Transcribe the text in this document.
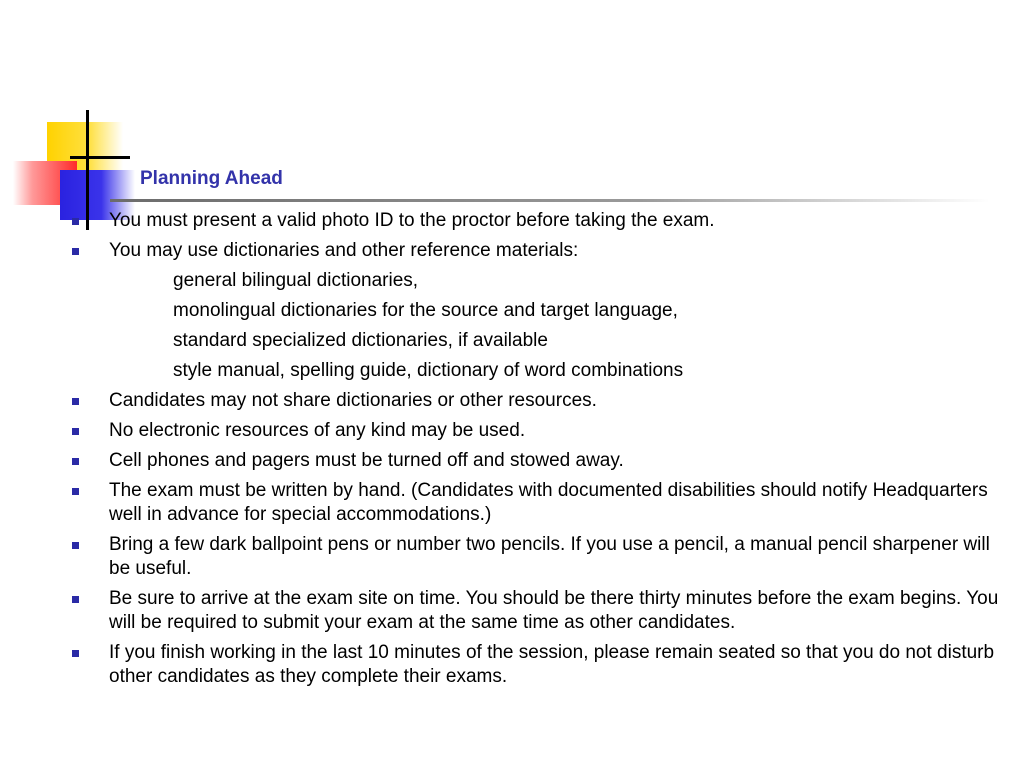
Planning Ahead
You must present a valid photo ID to the proctor before taking the exam.
You may use dictionaries and other reference materials:
general bilingual dictionaries,
monolingual dictionaries for the source and target language,
standard specialized dictionaries, if available
style manual, spelling guide, dictionary of word combinations
Candidates may not share dictionaries or other resources.
No electronic resources of any kind may be used.
Cell phones and pagers must be turned off and stowed away.
The exam must be written by hand. (Candidates with documented disabilities should notify Headquarters well in advance for special accommodations.)
Bring a few dark ballpoint pens or number two pencils. If you use a pencil, a manual pencil sharpener will be useful.
Be sure to arrive at the exam site on time. You should be there thirty minutes before the exam begins. You will be required to submit your exam at the same time as other candidates.
If you finish working in the last 10 minutes of the session, please remain seated so that you do not disturb other candidates as they complete their exams.
